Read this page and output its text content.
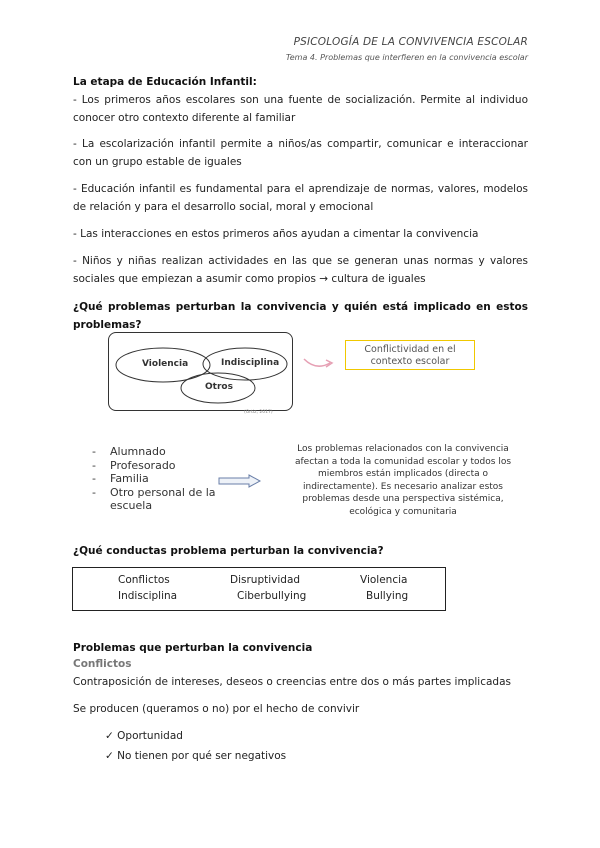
PSICOLOGÍA DE LA CONVIVENCIA ESCOLAR
Tema 4. Problemas que interfieren en la convivencia escolar
La etapa de Educación Infantil:
- Los primeros años escolares son una fuente de socialización. Permite al individuo conocer otro contexto diferente al familiar
- La escolarización infantil permite a niños/as compartir, comunicar e interaccionar con un grupo estable de iguales
- Educación infantil es fundamental para el aprendizaje de normas, valores, modelos de relación y para el desarrollo social, moral y emocional
- Las interacciones en estos primeros años ayudan a cimentar la convivencia
- Niños y niñas realizan actividades en las que se generan unas normas y valores sociales que empiezan a asumir como propios → cultura de iguales
¿Qué problemas perturban la convivencia y quién está implicado en estos problemas?
Violencia	Indisciplina
Otros
(Ortiz, 2017)
Conflictividad en el contexto escolar
- Alumnado
- Profesorado
- Familia
- Otro personal de la escuela
Los problemas relacionados con la convivencia afectan a toda la comunidad escolar y todos los miembros están implicados (directa o indirectamente). Es necesario analizar estos problemas desde una perspectiva sistémica, ecológica y comunitaria
¿Qué conductas problema perturban la convivencia?
Conflictos	Disruptividad	Violencia
Indisciplina	Ciberbullying	Bullying
Problemas que perturban la convivencia
Conflictos
Contraposición de intereses, deseos o creencias entre dos o más partes implicadas
Se producen (queramos o no) por el hecho de convivir
✓ Oportunidad
✓ No tienen por qué ser negativos
